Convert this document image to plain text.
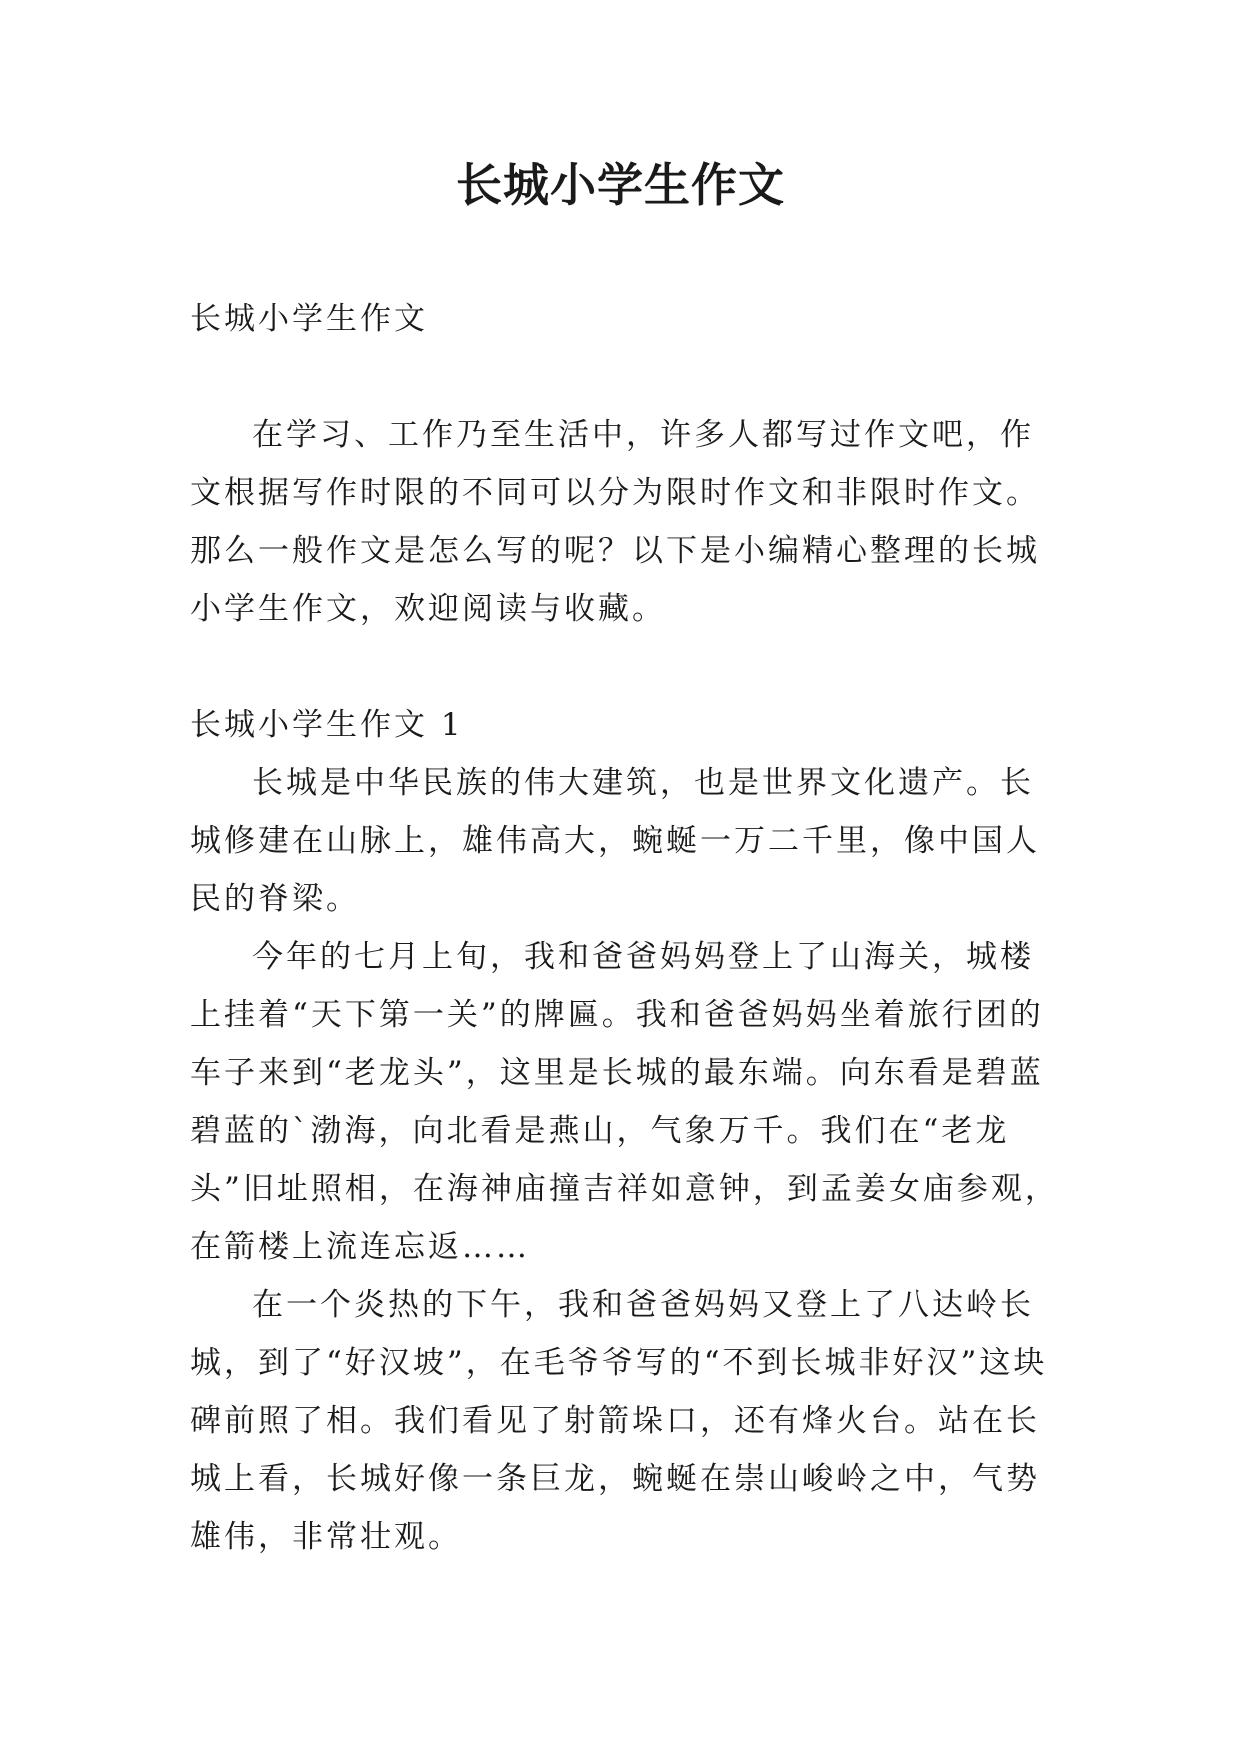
长城小学生作文

长城小学生作文

在学习、工作乃至生活中，许多人都写过作文吧，作文根据写作时限的不同可以分为限时作文和非限时作文。那么一般作文是怎么写的呢？以下是小编精心整理的长城小学生作文，欢迎阅读与收藏。

长城小学生作文 1

长城是中华民族的伟大建筑，也是世界文化遗产。长城修建在山脉上，雄伟高大，蜿蜒一万二千里，像中国人民的脊梁。

今年的七月上旬，我和爸爸妈妈登上了山海关，城楼上挂着“天下第一关”的牌匾。我和爸爸妈妈坐着旅行团的车子来到“老龙头”，这里是长城的最东端。向东看是碧蓝碧蓝的`渤海，向北看是燕山，气象万千。我们在“老龙头”旧址照相，在海神庙撞吉祥如意钟，到孟姜女庙参观，在箭楼上流连忘返……

在一个炎热的下午，我和爸爸妈妈又登上了八达岭长城，到了“好汉坡”，在毛爷爷写的“不到长城非好汉”这块碑前照了相。我们看见了射箭垛口，还有烽火台。站在长城上看，长城好像一条巨龙，蜿蜒在崇山峻岭之中，气势雄伟，非常壮观。
